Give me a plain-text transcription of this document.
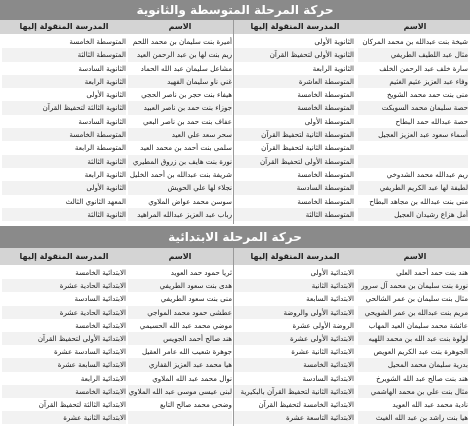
حركة المرحلة المتوسطة والثانوية
الاسم
المدرسة المنقولة إليها
الاسم
المدرسة المنقولة إليها
شيخة بنت عبدالله بن محمد المركان
مثال عبد اللطيف الطريفي
سارة خلف عبد الرحمن الخلف
وفاء عبد العزيز عثيم الغثيم
منى بنت حمد محمد الشويخ
حصة سليمان محمد السويكت
حصة عبدالله حمد البطاح
أسماء سعود عبد العزيز العجيل
ريم عبدالله محمد الشدوخي
لطيفة لها عبد الكريم الطريفي
منى بنت عبدالله بن مجاهد البطاح
أمل هزاع رشيدان العجيل
الثانوية الأولى
الثانوية الأولى لتحفيظ القرآن
الثانوية الرابعة
المتوسطة العاشرة
المتوسطة الخامسة
المتوسطة الخامسة
المتوسطة الأولى
المتوسطة الثانية لتحفيظ القرآن
المتوسطة الثانية لتحفيظ القرآن
المتوسطة الأولى لتحفيظ القرآن
المتوسطة الخامسة
المتوسطة السادسة
المتوسطة الخامسة
المتوسطة الثالثة
أميرة بنت سليمان بن محمد اللحم
ريم بنت لها بن عبد الرحمن العيد
مشاعل سليمان عبد الله الحماد
غني ناو سليمان الفهيد
هيفاء بنت حجر بن ناصر الحجي
جوزاء بنت حمد بن ناصر العبيد
عفاف بنت حمد بن ناصر البعي
سحر سعد علي العيد
سلمى بنت أحمد بن محمد العيد
نورة بنت هايف بن زروق المطيري
شريفة بنت عبدالله بن أحمد الخليل
نجلاء لها علي الحويش
سوسن محمد عواض الملاوي
رباب عبد العزيز عبدالله المراهيد
المتوسطة الخامسة
المتوسطة الثالثة
الثانوية السادسة
الثانوية الرابعة
الثانوية الأولى
الثانوية الثالثة لتحفيظ القرآن
الثانوية السادسة
المتوسطة الخامسة
المتوسطة الرابعة
الثانوية الثالثة
الثانوية الرابعة
الثانوية الأولى
المعهد الثانوي الثالث
الثانوية الثالثة
حركة المرحلة الابتدائية
الاسم
المدرسة المنقولة إليها
الاسم
المدرسة المنقولة إليها
هند بنت حمد أحمد العلي
نورة بنت سليمان بن محمد آل سرور
مثال بنت سليمان بن عمر الشالحي
مريم بنت عبدالله بن عمر الشويحي
عائشة محمد سليمان العيد المهاب
لولوة بنت عبد الله بن محمد اللهيه
الجوهرة بنت عبد الكريم العويص
بدرية سليمان محمد المحيل
هند بنت صالح عبد الله الشويرخ
مثال بنت علي بن محمد الهاشمي
نادية محمد عبد الله العويد
هيا بنت راشد بن عبد الله الغيث
الابتدائية الأولى
الابتدائية الثانية
الابتدائية السابعة
الابتدائية الأولى والروضة
الروضة الأولى عشرة
الابتدائية الأولى عشرة
الابتدائية الثانية عشرة
الابتدائية الخامسة
الابتدائية السادسة
الابتدائية الثانية لتحفيظ القرآن بالبكيرية
الابتدائية الخامسة لتحفيظ القرآن
الابتدائية التاسعة عشرة
ثريا حمود حمد العويد
هدى بنت سعود الطريفي
منى بنت سعود الطريفي
عطشى حمود محمد المواجي
موضي محمد عبد الله الحسيمي
هند صالح أحمد الجويس
جوهرة شعيب الله عامر العقيل
هيا محمد عبد العزيز القفاري
نوال محمد عبد الله الملاوي
لبنى عيسى موسى عبد الله الملاوي
وضحى محمد صالح التابع
الابتدائية الخامسة
الابتدائية الحادية عشرة
الابتدائية السادسة
الابتدائية الحادية عشرة
الابتدائية الخامسة
الابتدائية الأولى لتحفيظ القرآن
الابتدائية السادسة عشرة
الابتدائية السابعة عشرة
الابتدائية الرابعة
الابتدائية الخامسة
الابتدائية الثالثة لتحفيظ القرآن
الابتدائية الثانية عشرة
